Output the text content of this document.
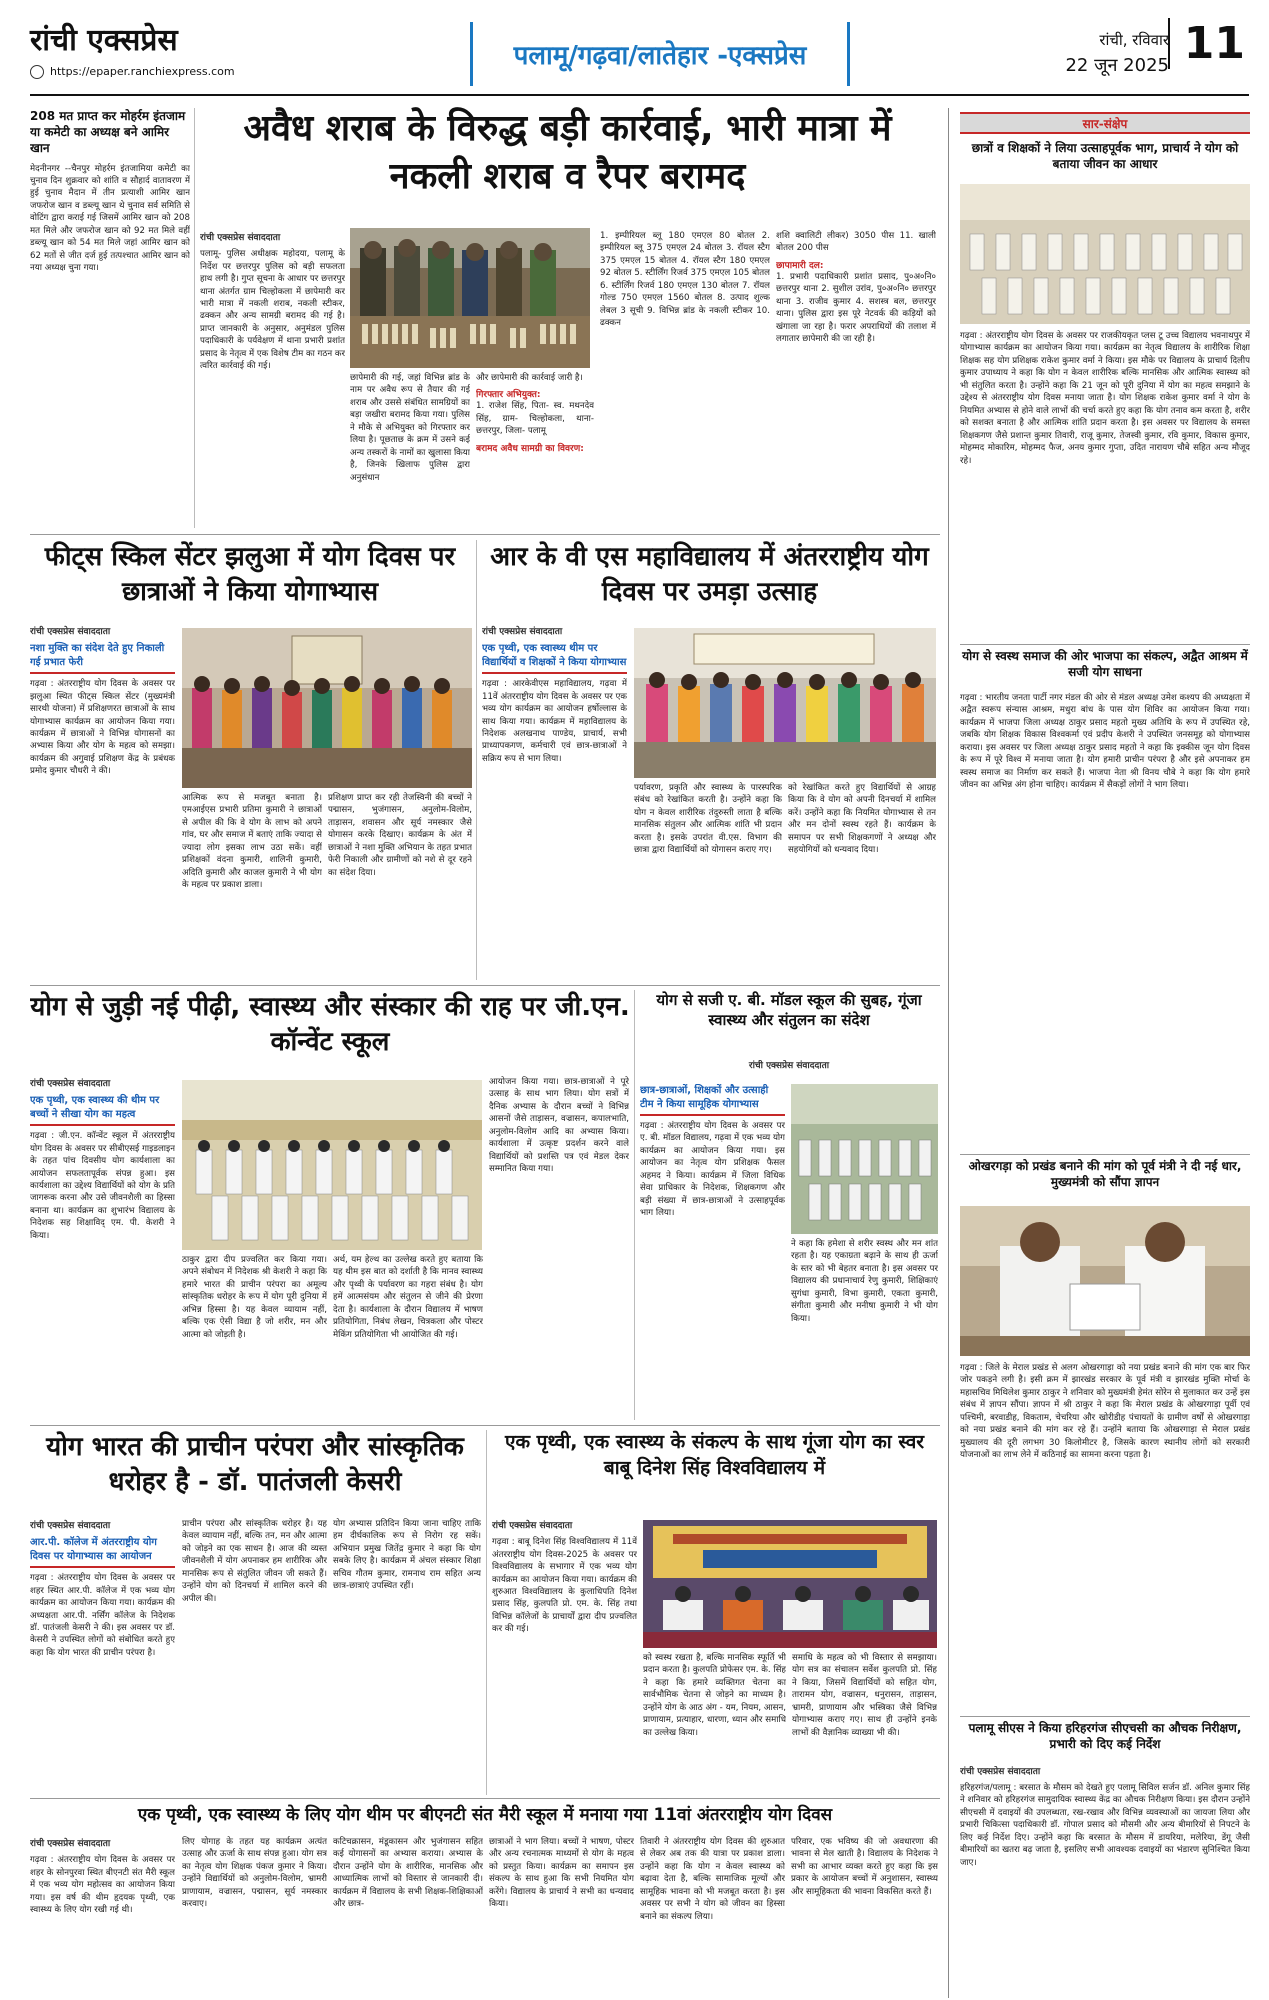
रांची एक्सप्रेस
https://epaper.ranchiexpress.com
पलामू/गढ़वा/लातेहार -एक्सप्रेस
रांची, रविवार
22 जून 2025 11
208 मत प्राप्त कर मोहर्रम इंतजाम या कमेटी का अध्यक्ष बने आमिर खान
मेदनीनगर --चैनपुर मोहर्रम इंतजामिया कमेटी का चुनाव दिन शुक्रवार को शांति व सौहार्द वातावरण में हुई चुनाव मैदान में तीन प्रत्याशी आमिर खान जफरोज खान व डब्ल्यू खान थे चुनाव सर्व समिति से वोटिंग द्वारा कराई गई जिसमें आमिर खान को 208 मत मिले और जफरोज खान को 92 मत मिले वहीं डब्ल्यू खान को 54 मत मिले जहां आमिर खान को 62 मतों से जीत दर्ज हुई तत्पश्चात आमिर खान को नया अध्यक्ष चुना गया।
अवैध शराब के विरुद्ध बड़ी कार्रवाई, भारी मात्रा में नकली शराब व रैपर बरामद
रांची एक्सप्रेस संवाददाता
पलामू- पुलिस अधीक्षक महोदया, पलामू के निर्देश पर छत्तरपुर पुलिस को बड़ी सफलता हाथ लगी है। गुप्त सूचना के आधार पर छत्तरपुर थाना अंतर्गत ग्राम चिल्होकला में छापेमारी कर भारी मात्रा में नकली शराब, नकली स्टीकर, ढक्कन और अन्य सामग्री बरामद की गई है। प्राप्त जानकारी के अनुसार, अनुमंडल पुलिस पदाधिकारी के पर्यवेक्षण में थाना प्रभारी प्रशांत प्रसाद के नेतृत्व में एक विशेष टीम का गठन कर त्वरित कार्रवाई की गई।
छापेमारी की गई, जहां विभिन्न ब्रांड के नाम पर अवैध रूप से तैयार की गई शराब और उससे संबंधित सामग्रियों का बड़ा जखीरा बरामद किया गया। पुलिस ने मौके से अभियुक्त को गिरफ्तार कर लिया है। पूछताछ के क्रम में उसने कई अन्य तस्करों के नामों का खुलासा किया है, जिनके खिलाफ पुलिस द्वारा अनुसंधान
और छापेमारी की कार्रवाई जारी है।
गिरफ्तार अभियुक्त:
1. राजेश सिंह, पिता- स्व. मथनदेव सिंह, ग्राम- चिल्होकला, थाना- छत्तरपुर, जिला- पलामू
बरामद अवैध सामग्री का विवरण:
1. इम्पीरियल ब्लू 180 एमएल 80 बोतल 2. इम्पीरियल ब्लू 375 एमएल 24 बोतल 3. रॉयल स्टैग 375 एमएल 15 बोतल 4. रॉयल स्टैग 180 एमएल 92 बोतल 5. स्टीर्लिंग रिजर्व 375 एमएल 105 बोतल 6. स्टीर्लिंग रिजर्व 180 एमएल 130 बोतल 7. रॉयल गोल्ड 750 एमएल 1560 बोतल 8. उत्पाद शुल्क लेबल 3 सूची 9. विभिन्न ब्रांड के नकली स्टीकर 10. ढक्कन
शशि क्वालिटी लीकर) 3050 पीस 11. खाली बोतल 200 पीस
छापामारी दल:
1. प्रभारी पदाधिकारी प्रशांत प्रसाद, पु०अ०नि० छत्तरपुर थाना 2. सुशील उरांव, पु०अ०नि० छत्तरपुर थाना 3. राजीव कुमार 4. सशस्त्र बल, छत्तरपुर थाना। पुलिस द्वारा इस पूरे नेटवर्क की कड़ियों को खंगाला जा रहा है। फरार अपराधियों की तलाश में लगातार छापेमारी की जा रही है।
फीट्स स्किल सेंटर झलुआ में योग दिवस पर छात्राओं ने किया योगाभ्यास
रांची एक्सप्रेस संवाददाता
नशा मुक्ति का संदेश देते हुए निकाली गई प्रभात फेरी
गढ़वा : अंतरराष्ट्रीय योग दिवस के अवसर पर झलुआ स्थित फीट्स स्किल सेंटर (मुख्यमंत्री सारथी योजना) में प्रशिक्षणरत छात्राओं के साथ योगाभ्यास कार्यक्रम का आयोजन किया गया। कार्यक्रम में छात्राओं ने विभिन्न योगासनों का अभ्यास किया और योग के महत्व को समझा। कार्यक्रम की अगुवाई प्रशिक्षण केंद्र के प्रबंधक प्रमोद कुमार चौधरी ने की।
आत्मिक रूप से मजबूत बनाता है। एमआईएस प्रभारी प्रतिमा कुमारी ने छात्राओं से अपील की कि वे योग के लाभ को अपने गांव, घर और समाज में बताएं ताकि ज्यादा से ज्यादा लोग इसका लाभ उठा सकें। वहीं प्रशिक्षकों वंदना कुमारी, शालिनी कुमारी, अदिति कुमारी और काजल कुमारी ने भी योग के महत्व पर प्रकाश डाला।
प्रशिक्षण प्राप्त कर रही तेजस्विनी की बच्चों ने पद्मासन, भुजंगासन, अनुलोम-विलोम, ताड़ासन, शवासन और सूर्य नमस्कार जैसे योगासन करके दिखाए। कार्यक्रम के अंत में छात्राओं ने नशा मुक्ति अभियान के तहत प्रभात फेरी निकाली और ग्रामीणों को नशे से दूर रहने का संदेश दिया।
आर के वी एस महाविद्यालय में अंतरराष्ट्रीय योग दिवस पर उमड़ा उत्साह
रांची एक्सप्रेस संवाददाता
एक पृथ्वी, एक स्वास्थ्य थीम पर विद्यार्थियों व शिक्षकों ने किया योगाभ्यास
गढ़वा : आरकेवीएस महाविद्यालय, गढ़वा में 11वें अंतरराष्ट्रीय योग दिवस के अवसर पर एक भव्य योग कार्यक्रम का आयोजन हर्षोल्लास के साथ किया गया। कार्यक्रम में महाविद्यालय के निदेशक अलखनाथ पाण्डेय, प्राचार्य, सभी प्राध्यापकगण, कर्मचारी एवं छात्र-छात्राओं ने सक्रिय रूप से भाग लिया।
पर्यावरण, प्रकृति और स्वास्थ्य के पारस्परिक संबंध को रेखांकित करती है। उन्होंने कहा कि योग न केवल शारीरिक तंदुरुस्ती लाता है बल्कि मानसिक संतुलन और आत्मिक शांति भी प्रदान करता है। इसके उपरांत वी.एस. विभाग की छात्रा द्वारा विद्यार्थियों को योगासन कराए गए।
को रेखांकित करते हुए विद्यार्थियों से आग्रह किया कि वे योग को अपनी दिनचर्या में शामिल करें। उन्होंने कहा कि नियमित योगाभ्यास से तन और मन दोनों स्वस्थ रहते हैं। कार्यक्रम के समापन पर सभी शिक्षकगणों ने अध्यक्ष और सहयोगियों को धन्यवाद दिया।
योग से जुड़ी नई पीढ़ी, स्वास्थ्य और संस्कार की राह पर जी.एन. कॉन्वेंट स्कूल
रांची एक्सप्रेस संवाददाता
एक पृथ्वी, एक स्वास्थ्य की थीम पर बच्चों ने सीखा योग का महत्व
गढ़वा : जी.एन. कॉन्वेंट स्कूल में अंतरराष्ट्रीय योग दिवस के अवसर पर सीबीएसई गाइडलाइन के तहत पांच दिवसीय योग कार्यशाला का आयोजन सफलतापूर्वक संपन्न हुआ। इस कार्यशाला का उद्देश्य विद्यार्थियों को योग के प्रति जागरूक करना और उसे जीवनशैली का हिस्सा बनाना था। कार्यक्रम का शुभारंभ विद्यालय के निदेशक सह शिक्षाविद् एम. पी. केशरी ने किया।
ठाकुर द्वारा दीप प्रज्वलित कर किया गया। अपने संबोधन में निदेशक श्री केशरी ने कहा कि हमारे भारत की प्राचीन परंपरा का अमूल्य सांस्कृतिक धरोहर के रूप में योग पूरी दुनिया में अभिन्न हिस्सा है। यह केवल व्यायाम नहीं, बल्कि एक ऐसी विद्या है जो शरीर, मन और आत्मा को जोड़ती है।
अर्थ, यम हेल्थ का उल्लेख करते हुए बताया कि यह थीम इस बात को दर्शाती है कि मानव स्वास्थ्य और पृथ्वी के पर्यावरण का गहरा संबंध है। योग हमें आत्मसंयम और संतुलन से जीने की प्रेरणा देता है। कार्यशाला के दौरान विद्यालय में भाषण प्रतियोगिता, निबंध लेखन, चित्रकला और पोस्टर मेकिंग प्रतियोगिता भी आयोजित की गई।
आयोजन किया गया। छात्र-छात्राओं ने पूरे उत्साह के साथ भाग लिया। योग सत्रों में दैनिक अभ्यास के दौरान बच्चों ने विभिन्न आसनों जैसे ताड़ासन, वज्रासन, कपालभाति, अनुलोम-विलोम आदि का अभ्यास किया। कार्यशाला में उत्कृष्ट प्रदर्शन करने वाले विद्यार्थियों को प्रशस्ति पत्र एवं मेडल देकर सम्मानित किया गया।
योग से सजी ए. बी. मॉडल स्कूल की सुबह, गूंजा स्वास्थ्य और संतुलन का संदेश
रांची एक्सप्रेस संवाददाता
छात्र-छात्राओं, शिक्षकों और उत्साही टीम ने किया सामूहिक योगाभ्यास
गढ़वा : अंतरराष्ट्रीय योग दिवस के अवसर पर ए. बी. मॉडल विद्यालय, गढ़वा में एक भव्य योग कार्यक्रम का आयोजन किया गया। इस आयोजन का नेतृत्व योग प्रशिक्षक फैसल अहमद ने किया। कार्यक्रम में जिला विधिक सेवा प्राधिकार के निदेशक, शिक्षकगण और बड़ी संख्या में छात्र-छात्राओं ने उत्साहपूर्वक भाग लिया।
ने कहा कि हमेशा से शरीर स्वस्थ और मन शांत रहता है। यह एकाग्रता बढ़ाने के साथ ही ऊर्जा के स्तर को भी बेहतर बनाता है। इस अवसर पर विद्यालय की प्रधानाचार्य रेणु कुमारी, शिक्षिकाएं सुगंधा कुमारी, विभा कुमारी, एकता कुमारी, संगीता कुमारी और मनीषा कुमारी ने भी योग किया।
योग भारत की प्राचीन परंपरा और सांस्कृतिक धरोहर है - डॉ. पातंजली केसरी
रांची एक्सप्रेस संवाददाता
आर.पी. कॉलेज में अंतरराष्ट्रीय योग दिवस पर योगाभ्यास का आयोजन
गढ़वा : अंतरराष्ट्रीय योग दिवस के अवसर पर शहर स्थित आर.पी. कॉलेज में एक भव्य योग कार्यक्रम का आयोजन किया गया। कार्यक्रम की अध्यक्षता आर.पी. नर्सिंग कॉलेज के निदेशक डॉ. पातंजली केसरी ने की। इस अवसर पर डॉ. केसरी ने उपस्थित लोगों को संबोधित करते हुए कहा कि योग भारत की प्राचीन परंपरा है।
प्राचीन परंपरा और सांस्कृतिक धरोहर है। यह केवल व्यायाम नहीं, बल्कि तन, मन और आत्मा को जोड़ने का एक साधन है। आज की व्यस्त जीवनशैली में योग अपनाकर हम शारीरिक और मानसिक रूप से संतुलित जीवन जी सकते हैं। उन्होंने योग को दिनचर्या में शामिल करने की अपील की।
योग अभ्यास प्रतिदिन किया जाना चाहिए ताकि हम दीर्घकालिक रूप से निरोग रह सकें। अभियान प्रमुख जितेंद्र कुमार ने कहा कि योग सबके लिए है। कार्यक्रम में अंचल संस्कार शिक्षा सचिव गौतम कुमार, रामनाथ राम सहित अन्य छात्र-छात्राएं उपस्थित रहीं।
एक पृथ्वी, एक स्वास्थ्य के संकल्प के साथ गूंजा योग का स्वर बाबू दिनेश सिंह विश्वविद्यालय में
रांची एक्सप्रेस संवाददाता
गढ़वा : बाबू दिनेश सिंह विश्वविद्यालय में 11वें अंतरराष्ट्रीय योग दिवस-2025 के अवसर पर विश्वविद्यालय के सभागार में एक भव्य योग कार्यक्रम का आयोजन किया गया। कार्यक्रम की शुरुआत विश्वविद्यालय के कुलाधिपति दिनेश प्रसाद सिंह, कुलपति प्रो. एम. के. सिंह तथा विभिन्न कॉलेजों के प्राचार्यों द्वारा दीप प्रज्वलित कर की गई।
को स्वस्थ रखता है, बल्कि मानसिक स्फूर्ति भी प्रदान करता है। कुलपति प्रोफेसर एम. के. सिंह ने कहा कि हमारे व्यक्तिगत चेतना का सार्वभौमिक चेतना से जोड़ने का माध्यम है। उन्होंने योग के आठ अंग - यम, नियम, आसन, प्राणायाम, प्रत्याहार, धारणा, ध्यान और समाधि का उल्लेख किया।
समाधि के महत्व को भी विस्तार से समझाया। योग सत्र का संचालन सर्वेश कुलपति प्रो. सिंह ने किया, जिसमें विद्यार्थियों को सहित योग, तारामन योग, वज्रासन, धनुरासन, ताड़ासन, भ्रामरी, प्राणायाम और भस्त्रिका जैसे विभिन्न योगाभ्यास कराए गए। साथ ही उन्होंने इनके लाभों की वैज्ञानिक व्याख्या भी की।
एक पृथ्वी, एक स्वास्थ्य के लिए योग थीम पर बीएनटी संत मैरी स्कूल में मनाया गया 11वां अंतरराष्ट्रीय योग दिवस
रांची एक्सप्रेस संवाददाता
गढ़वा : अंतरराष्ट्रीय योग दिवस के अवसर पर शहर के सोनपुरवा स्थित बीएनटी संत मैरी स्कूल में एक भव्य योग महोत्सव का आयोजन किया गया। इस वर्ष की थीम हृदयक पृथ्वी, एक स्वास्थ्य के लिए योग रखी गई थी।
लिए योगाह के तहत यह कार्यक्रम अत्यंत उत्साह और ऊर्जा के साथ संपन्न हुआ। योग सत्र का नेतृत्व योग शिक्षक पंकज कुमार ने किया। उन्होंने विद्यार्थियों को अनुलोम-विलोम, भ्रामरी प्राणायाम, वज्रासन, पद्मासन, सूर्य नमस्कार करवाए।
कटिचक्रासन, मंडूकासन और भुजंगासन सहित कई योगासनों का अभ्यास कराया। अभ्यास के दौरान उन्होंने योग के शारीरिक, मानसिक और आध्यात्मिक लाभों को विस्तार से जानकारी दी। कार्यक्रम में विद्यालय के सभी शिक्षक-शिक्षिकाओं और छात्र-
छात्राओं ने भाग लिया। बच्चों ने भाषण, पोस्टर और अन्य रचनात्मक माध्यमों से योग के महत्व को प्रस्तुत किया। कार्यक्रम का समापन इस संकल्प के साथ हुआ कि सभी नियमित योग करेंगे। विद्यालय के प्राचार्य ने सभी का धन्यवाद किया।
तिवारी ने अंतरराष्ट्रीय योग दिवस की शुरुआत से लेकर अब तक की यात्रा पर प्रकाश डाला। उन्होंने कहा कि योग न केवल स्वास्थ्य को बढ़ावा देता है, बल्कि सामाजिक मूल्यों और सामूहिक भावना को भी मजबूत करता है। इस अवसर पर सभी ने योग को जीवन का हिस्सा बनाने का संकल्प लिया।
परिवार, एक भविष्य की जो अवधारणा की भावना से मेल खाती है। विद्यालय के निदेशक ने सभी का आभार व्यक्त करते हुए कहा कि इस प्रकार के आयोजन बच्चों में अनुशासन, स्वास्थ्य और सामूहिकता की भावना विकसित करते हैं।
सार-संक्षेप
छात्रों व शिक्षकों ने लिया उत्साहपूर्वक भाग, प्राचार्य ने योग को बताया जीवन का आधार
गढ़वा : अंतरराष्ट्रीय योग दिवस के अवसर पर राजकीयकृत प्लस टू उच्च विद्यालय भवनाथपुर में योगाभ्यास कार्यक्रम का आयोजन किया गया। कार्यक्रम का नेतृत्व विद्यालय के शारीरिक शिक्षा शिक्षक सह योग प्रशिक्षक राकेश कुमार वर्मा ने किया। इस मौके पर विद्यालय के प्राचार्य दिलीप कुमार उपाध्याय ने कहा कि योग न केवल शारीरिक बल्कि मानसिक और आत्मिक स्वास्थ्य को भी संतुलित करता है। उन्होंने कहा कि 21 जून को पूरी दुनिया में योग का महत्व समझाने के उद्देश्य से अंतरराष्ट्रीय योग दिवस मनाया जाता है। योग शिक्षक राकेश कुमार वर्मा ने योग के नियमित अभ्यास से होने वाले लाभों की चर्चा करते हुए कहा कि योग तनाव कम करता है, शरीर को सशक्त बनाता है और आत्मिक शांति प्रदान करता है। इस अवसर पर विद्यालय के समस्त शिक्षकगण जैसे प्रशान्त कुमार तिवारी, राजू कुमार, तेजस्वी कुमार, रवि कुमार, विकास कुमार, मोहम्मद मोकारिम, मोहम्मद फैज, अनय कुमार गुप्ता, उदित नारायण चौबे सहित अन्य मौजूद रहे।
योग से स्वस्थ समाज की ओर भाजपा का संकल्प, अद्वैत आश्रम में सजी योग साधना
गढ़वा : भारतीय जनता पार्टी नगर मंडल की ओर से मंडल अध्यक्ष उमेश कश्यप की अध्यक्षता में अद्वैत स्वरूप संन्यास आश्रम, मधुरा बांध के पास योग शिविर का आयोजन किया गया। कार्यक्रम में भाजपा जिला अध्यक्ष ठाकुर प्रसाद महतो मुख्य अतिथि के रूप में उपस्थित रहे, जबकि योग शिक्षक विकास विश्वकर्मा एवं प्रदीप केशरी ने उपस्थित जनसमूह को योगाभ्यास कराया। इस अवसर पर जिला अध्यक्ष ठाकुर प्रसाद महतो ने कहा कि इक्कीस जून योग दिवस के रूप में पूरे विश्व में मनाया जाता है। योग हमारी प्राचीन परंपरा है और इसे अपनाकर हम स्वस्थ समाज का निर्माण कर सकते हैं। भाजपा नेता श्री विनय चौबे ने कहा कि योग हमारे जीवन का अभिन्न अंग होना चाहिए। कार्यक्रम में सैकड़ों लोगों ने भाग लिया।
ओखरगड़ा को प्रखंड बनाने की मांग को पूर्व मंत्री ने दी नई धार, मुख्यमंत्री को सौंपा ज्ञापन
गढ़वा : जिले के मेराल प्रखंड से अलग ओखरगाड़ा को नया प्रखंड बनाने की मांग एक बार फिर जोर पकड़ने लगी है। इसी क्रम में झारखंड सरकार के पूर्व मंत्री व झारखंड मुक्ति मोर्चा के महासचिव मिथिलेश कुमार ठाकुर ने शनिवार को मुख्यमंत्री हेमंत सोरेन से मुलाकात कर उन्हें इस संबंध में ज्ञापन सौंपा। ज्ञापन में श्री ठाकुर ने कहा कि मेराल प्रखंड के ओखरगाड़ा पूर्वी एवं पश्चिमी, बरवाडीह, विकताम, चेचरिया और खोरीडीह पंचायतों के ग्रामीण वर्षों से ओखरगाड़ा को नया प्रखंड बनाने की मांग कर रहे हैं। उन्होंने बताया कि ओखरगाड़ा से मेराल प्रखंड मुख्यालय की दूरी लगभग 30 किलोमीटर है, जिसके कारण स्थानीय लोगों को सरकारी योजनाओं का लाभ लेने में कठिनाई का सामना करना पड़ता है।
पलामू सीएस ने किया हरिहरगंज सीएचसी का औचक निरीक्षण, प्रभारी को दिए कई निर्देश
रांची एक्सप्रेस संवाददाता
हरिहरगंज/पलामू : बरसात के मौसम को देखते हुए पलामू सिविल सर्जन डॉ. अनिल कुमार सिंह ने शनिवार को हरिहरगंज सामुदायिक स्वास्थ्य केंद्र का औचक निरीक्षण किया। इस दौरान उन्होंने सीएचसी में दवाइयों की उपलब्धता, रख-रखाव और विभिन्न व्यवस्थाओं का जायजा लिया और प्रभारी चिकित्सा पदाधिकारी डॉ. गोपाल प्रसाद को मौसमी और अन्य बीमारियों से निपटने के लिए कई निर्देश दिए। उन्होंने कहा कि बरसात के मौसम में डायरिया, मलेरिया, डेंगू जैसी बीमारियों का खतरा बढ़ जाता है, इसलिए सभी आवश्यक दवाइयों का भंडारण सुनिश्चित किया जाए।
